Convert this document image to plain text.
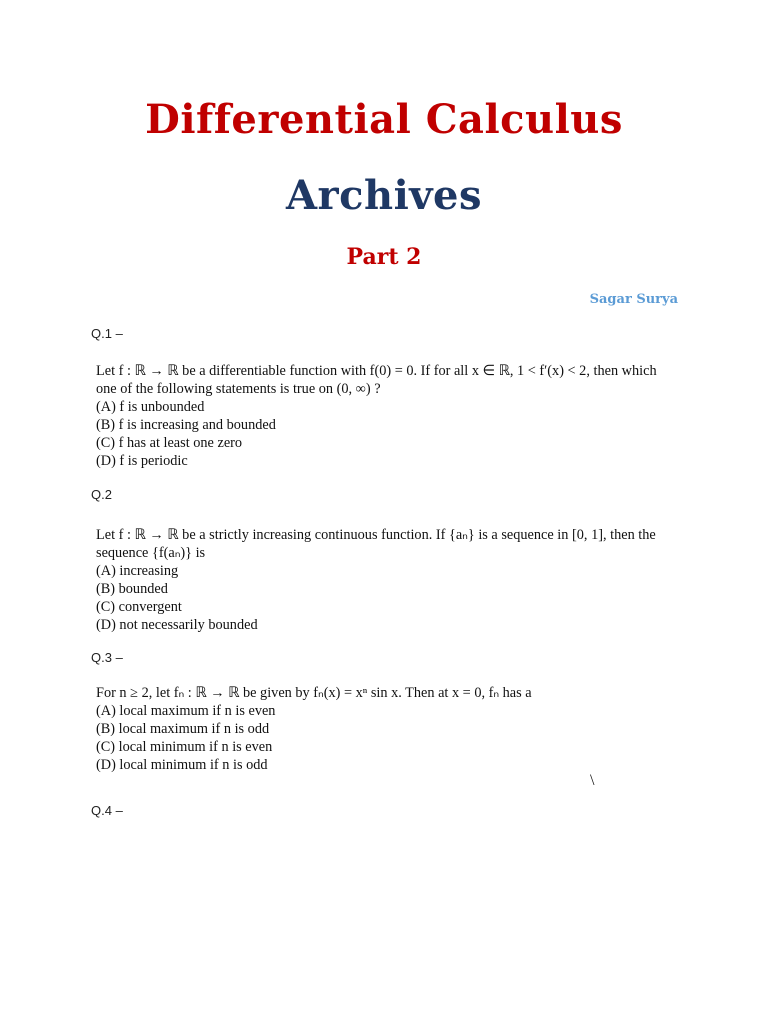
Differential Calculus
Archives
Part 2
Sagar Surya
Q.1 –
Let f : ℝ → ℝ be a differentiable function with f(0) = 0. If for all x ∈ ℝ, 1 < f′(x) < 2, then which
one of the following statements is true on (0, ∞) ?
(A) f is unbounded
(B) f is increasing and bounded
(C) f has at least one zero
(D) f is periodic
Q.2
Let f : ℝ → ℝ be a strictly increasing continuous function. If {aₙ} is a sequence in [0, 1], then the
sequence {f(aₙ)} is
(A) increasing
(B) bounded
(C) convergent
(D) not necessarily bounded
Q.3 –
For n ≥ 2, let fₙ : ℝ → ℝ be given by fₙ(x) = xⁿ sin x. Then at x = 0, fₙ has a
(A) local maximum if n is even
(B) local maximum if n is odd
(C) local minimum if n is even
(D) local minimum if n is odd
\
Q.4 –
